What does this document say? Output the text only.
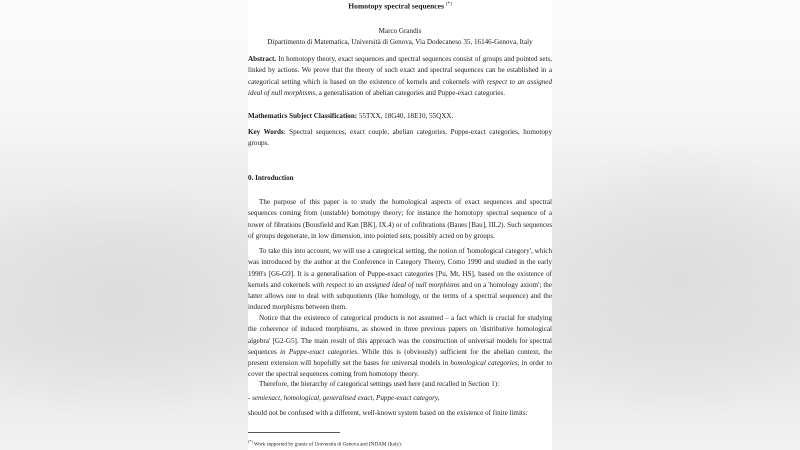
Homotopy spectral sequences (*)
Marco Grandis
Dipartimento di Matematica, Università di Genova, Via Dodecaneso 35, 16146-Genova, Italy
Abstract. In homotopy theory, exact sequences and spectral sequences consist of groups and pointed sets, linked by actions. We prove that the theory of such exact and spectral sequences can be established in a categorical setting which is based on the existence of kernels and cokernels with respect to an assigned ideal of null morphisms, a generalisation of abelian categories and Puppe-exact categories.
Mathematics Subject Classification: 55TXX, 18G40, 18E10, 55QXX.
Key Words: Spectral sequences, exact couple, abelian categories, Puppe-exact categories, homotopy groups.
0. Introduction
The purpose of this paper is to study the homological aspects of exact sequences and spectral sequences coming from (unstable) homotopy theory; for instance the homotopy spectral sequence of a tower of fibrations (Bousfield and Kan [BK], IX.4) or of cofibrations (Baues [Bau], III.2). Such sequences of groups degenerate, in low dimension, into pointed sets, possibly acted on by groups.
To take this into account, we will use a categorical setting, the notion of 'homological category', which was introduced by the author at the Conference in Category Theory, Como 1990 and studied in the early 1990's [G6-G9]. It is a generalisation of Puppe-exact categories [Pu, Mt, HS], based on the existence of kernels and cokernels with respect to an assigned ideal of null morphisms and on a 'homology axiom'; the latter allows one to deal with subquotients (like homology, or the terms of a spectral sequence) and the induced morphisms between them.
Notice that the existence of categorical products is not assumed – a fact which is crucial for studying the coherence of induced morphisms, as showed in three previous papers on 'distributive homological algebra' [G2-G5]. The main result of this approach was the construction of universal models for spectral sequences in Puppe-exact categories. While this is (obviously) sufficient for the abelian context, the present extension will hopefully set the bases for universal models in homological categories, in order to cover the spectral sequences coming from homotopy theory.
Therefore, the hierarchy of categorical settings used here (and recalled in Section 1):
- semiexact, homological, generalised exact, Puppe-exact category,
should not be confused with a different, well-known system based on the existence of finite limits:
(*) Work supported by grants of Università di Genova and INDAM (Italy).
